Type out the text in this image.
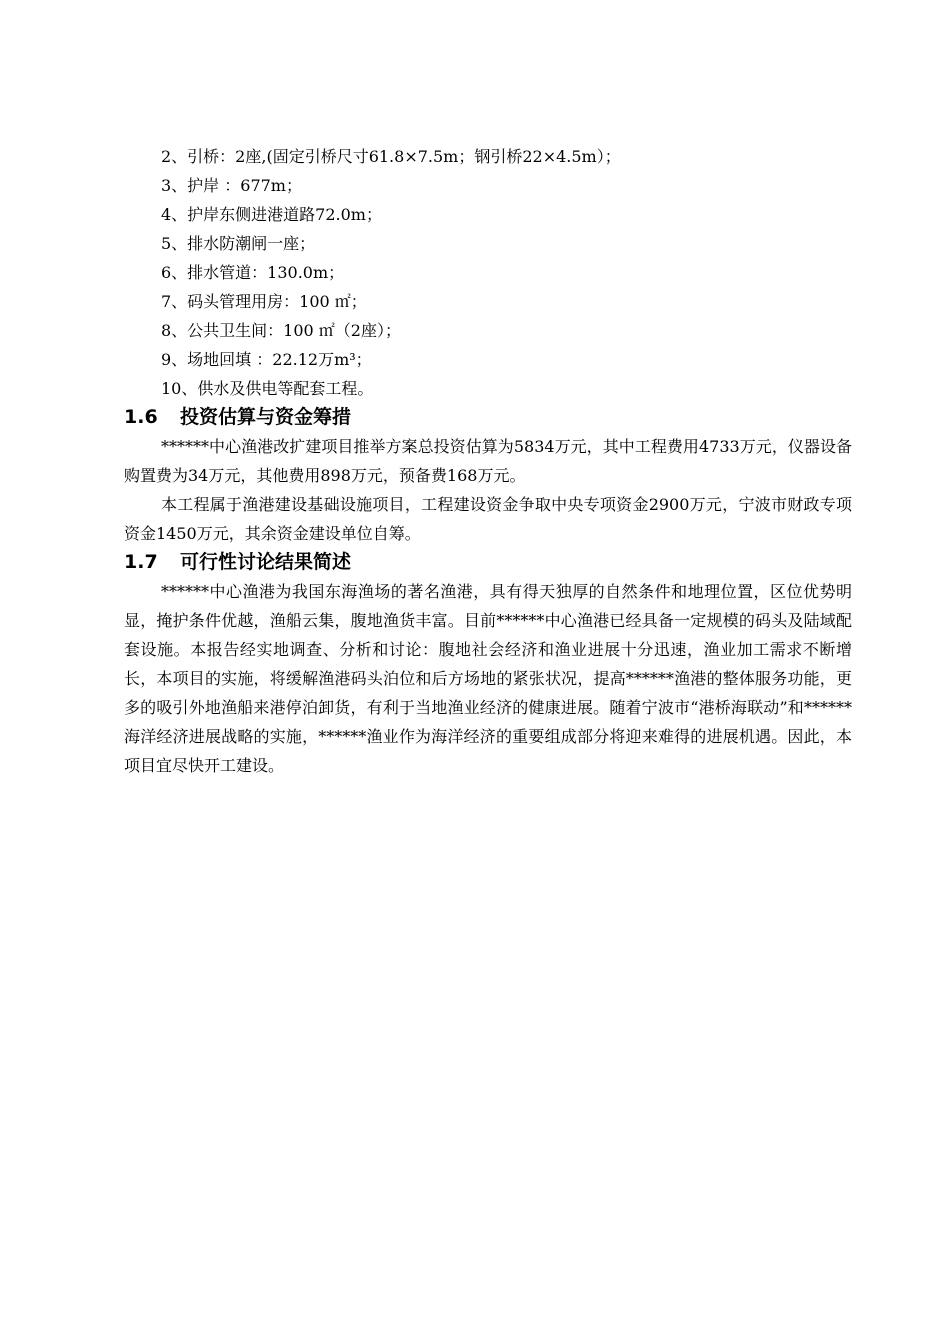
2、引桥：2座,(固定引桥尺寸61.8×7.5m；钢引桥22×4.5m）；
3、护岸 ：677m；
4、护岸东侧进港道路72.0m；
5、排水防潮闸一座；
6、排水管道：130.0m；
7、码头管理用房：100 ㎡；
8、公共卫生间：100 ㎡（2座）；
9、场地回填 ：22.12万m³；
10、供水及供电等配套工程。
1.6 投资估算与资金筹措

******中心渔港改扩建项目推举方案总投资估算为5834万元，其中工程费用4733万元，仪器设备购置费为34万元，其他费用898万元，预备费168万元。

本工程属于渔港建设基础设施项目，工程建设资金争取中央专项资金2900万元，宁波市财政专项资金1450万元，其余资金建设单位自筹。

1.7 可行性讨论结果简述

******中心渔港为我国东海渔场的著名渔港，具有得天独厚的自然条件和地理位置，区位优势明显，掩护条件优越，渔船云集，腹地渔货丰富。目前******中心渔港已经具备一定规模的码头及陆域配套设施。本报告经实地调查、分析和讨论：腹地社会经济和渔业进展十分迅速，渔业加工需求不断增长，本项目的实施，将缓解渔港码头泊位和后方场地的紧张状况，提高******渔港的整体服务功能，更多的吸引外地渔船来港停泊卸货，有利于当地渔业经济的健康进展。随着宁波市“港桥海联动”和******海洋经济进展战略的实施，******渔业作为海洋经济的重要组成部分将迎来难得的进展机遇。因此，本项目宜尽快开工建设。
